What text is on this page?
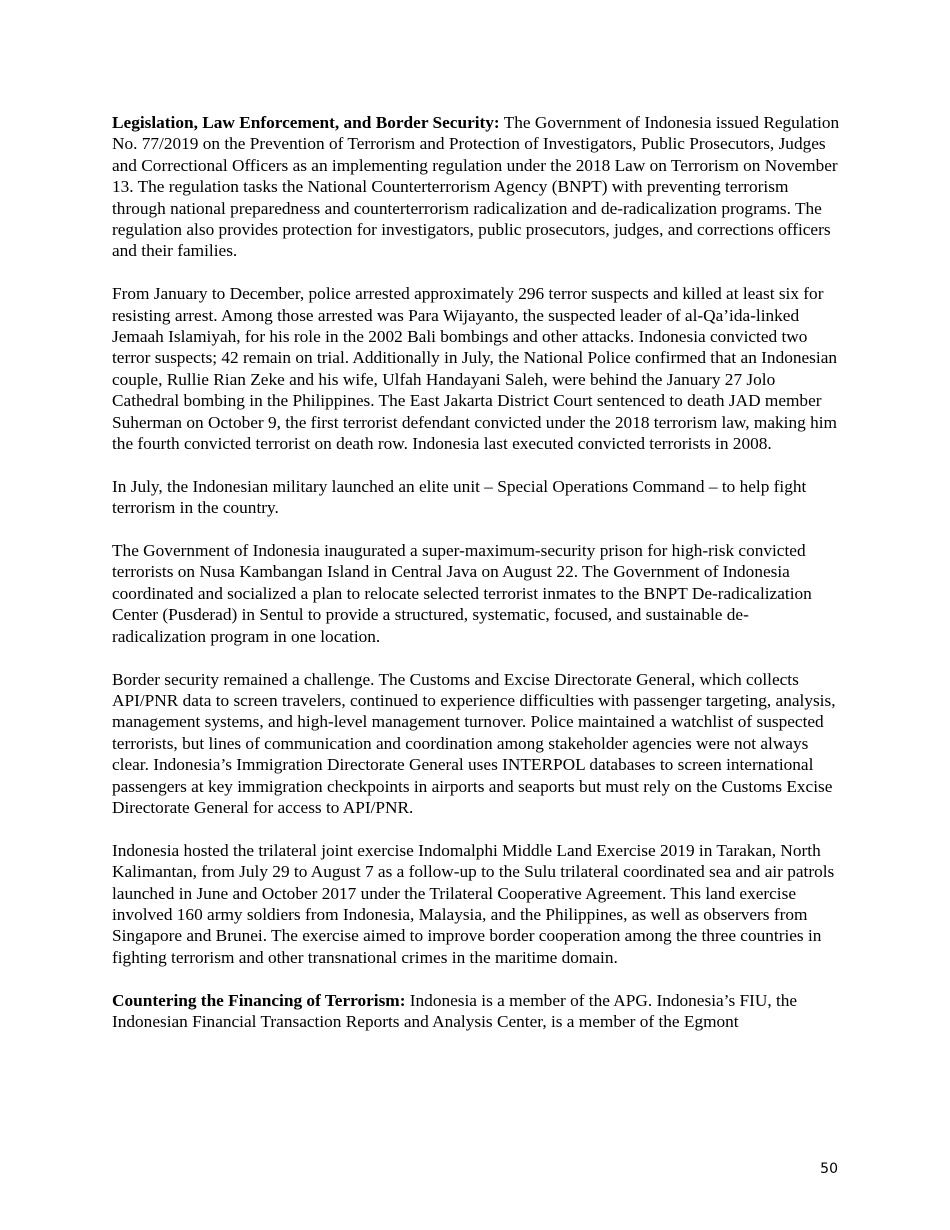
Legislation, Law Enforcement, and Border Security: The Government of Indonesia issued Regulation No. 77/2019 on the Prevention of Terrorism and Protection of Investigators, Public Prosecutors, Judges and Correctional Officers as an implementing regulation under the 2018 Law on Terrorism on November 13. The regulation tasks the National Counterterrorism Agency (BNPT) with preventing terrorism through national preparedness and counterterrorism radicalization and de-radicalization programs. The regulation also provides protection for investigators, public prosecutors, judges, and corrections officers and their families.

From January to December, police arrested approximately 296 terror suspects and killed at least six for resisting arrest. Among those arrested was Para Wijayanto, the suspected leader of al-Qa’ida-linked Jemaah Islamiyah, for his role in the 2002 Bali bombings and other attacks. Indonesia convicted two terror suspects; 42 remain on trial. Additionally in July, the National Police confirmed that an Indonesian couple, Rullie Rian Zeke and his wife, Ulfah Handayani Saleh, were behind the January 27 Jolo Cathedral bombing in the Philippines. The East Jakarta District Court sentenced to death JAD member Suherman on October 9, the first terrorist defendant convicted under the 2018 terrorism law, making him the fourth convicted terrorist on death row. Indonesia last executed convicted terrorists in 2008.

In July, the Indonesian military launched an elite unit – Special Operations Command – to help fight terrorism in the country.

The Government of Indonesia inaugurated a super-maximum-security prison for high-risk convicted terrorists on Nusa Kambangan Island in Central Java on August 22. The Government of Indonesia coordinated and socialized a plan to relocate selected terrorist inmates to the BNPT De-radicalization Center (Pusderad) in Sentul to provide a structured, systematic, focused, and sustainable de-radicalization program in one location.

Border security remained a challenge. The Customs and Excise Directorate General, which collects API/PNR data to screen travelers, continued to experience difficulties with passenger targeting, analysis, management systems, and high-level management turnover. Police maintained a watchlist of suspected terrorists, but lines of communication and coordination among stakeholder agencies were not always clear. Indonesia’s Immigration Directorate General uses INTERPOL databases to screen international passengers at key immigration checkpoints in airports and seaports but must rely on the Customs Excise Directorate General for access to API/PNR.

Indonesia hosted the trilateral joint exercise Indomalphi Middle Land Exercise 2019 in Tarakan, North Kalimantan, from July 29 to August 7 as a follow-up to the Sulu trilateral coordinated sea and air patrols launched in June and October 2017 under the Trilateral Cooperative Agreement. This land exercise involved 160 army soldiers from Indonesia, Malaysia, and the Philippines, as well as observers from Singapore and Brunei. The exercise aimed to improve border cooperation among the three countries in fighting terrorism and other transnational crimes in the maritime domain.

Countering the Financing of Terrorism: Indonesia is a member of the APG. Indonesia’s FIU, the Indonesian Financial Transaction Reports and Analysis Center, is a member of the Egmont

50
